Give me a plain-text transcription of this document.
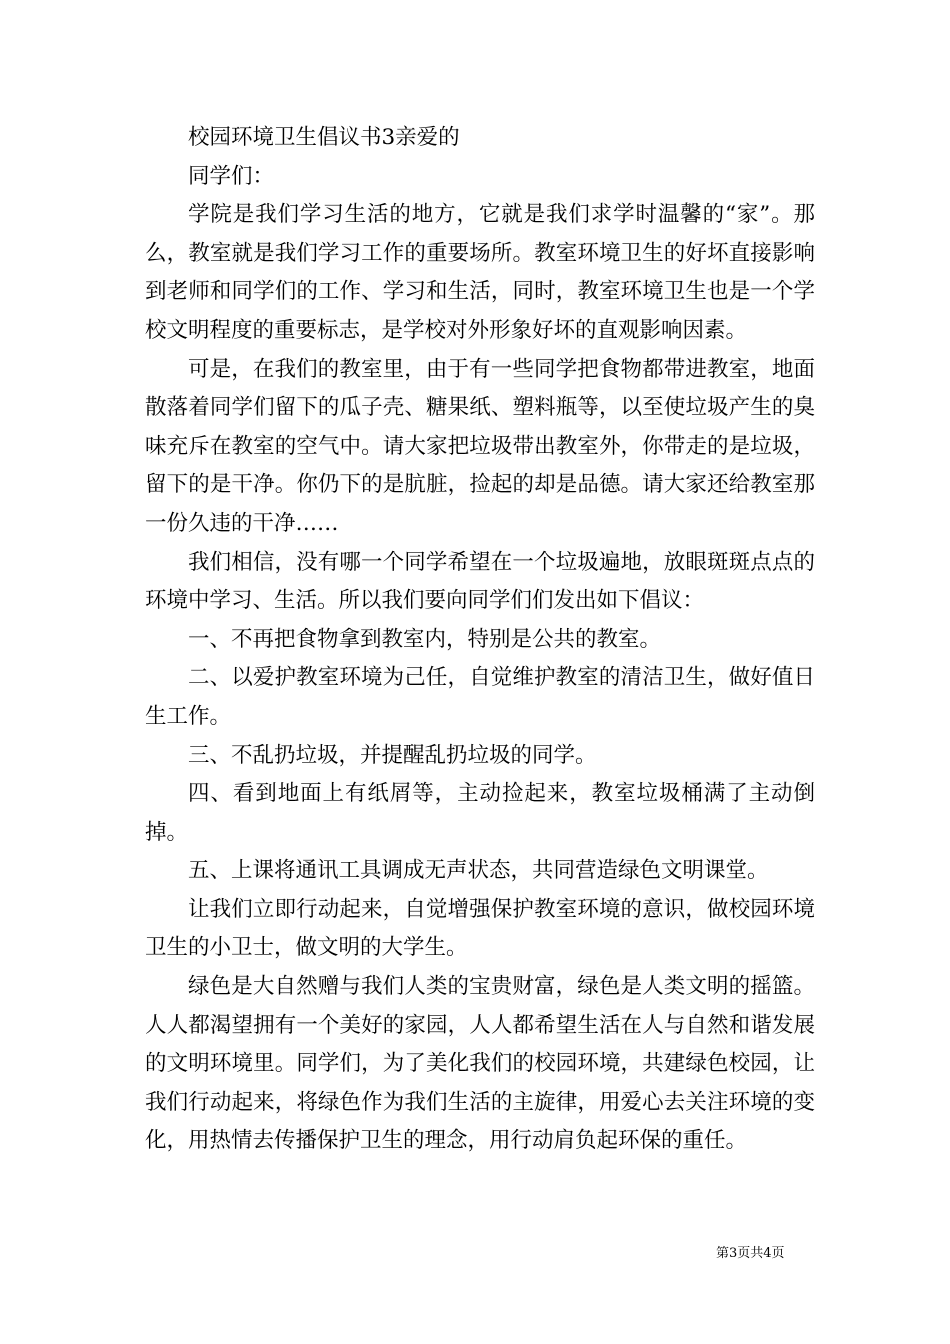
校园环境卫生倡议书3亲爱的

同学们：

学院是我们学习生活的地方，它就是我们求学时温馨的“家”。那么，教室就是我们学习工作的重要场所。教室环境卫生的好坏直接影响到老师和同学们的工作、学习和生活，同时，教室环境卫生也是一个学校文明程度的重要标志，是学校对外形象好坏的直观影响因素。

可是，在我们的教室里，由于有一些同学把食物都带进教室，地面散落着同学们留下的瓜子壳、糖果纸、塑料瓶等，以至使垃圾产生的臭味充斥在教室的空气中。请大家把垃圾带出教室外，你带走的是垃圾，留下的是干净。你仍下的是肮脏，捡起的却是品德。请大家还给教室那一份久违的干净……

我们相信，没有哪一个同学希望在一个垃圾遍地，放眼斑斑点点的环境中学习、生活。所以我们要向同学们们发出如下倡议：

一、不再把食物拿到教室内，特别是公共的教室。

二、以爱护教室环境为己任，自觉维护教室的清洁卫生，做好值日生工作。

三、不乱扔垃圾，并提醒乱扔垃圾的同学。

四、看到地面上有纸屑等，主动捡起来，教室垃圾桶满了主动倒掉。

五、上课将通讯工具调成无声状态，共同营造绿色文明课堂。

让我们立即行动起来，自觉增强保护教室环境的意识，做校园环境卫生的小卫士，做文明的大学生。

绿色是大自然赠与我们人类的宝贵财富，绿色是人类文明的摇篮。人人都渴望拥有一个美好的家园，人人都希望生活在人与自然和谐发展的文明环境里。同学们，为了美化我们的校园环境，共建绿色校园，让我们行动起来，将绿色作为我们生活的主旋律，用爱心去关注环境的变化，用热情去传播保护卫生的理念，用行动肩负起环保的重任。

第3页共4页
